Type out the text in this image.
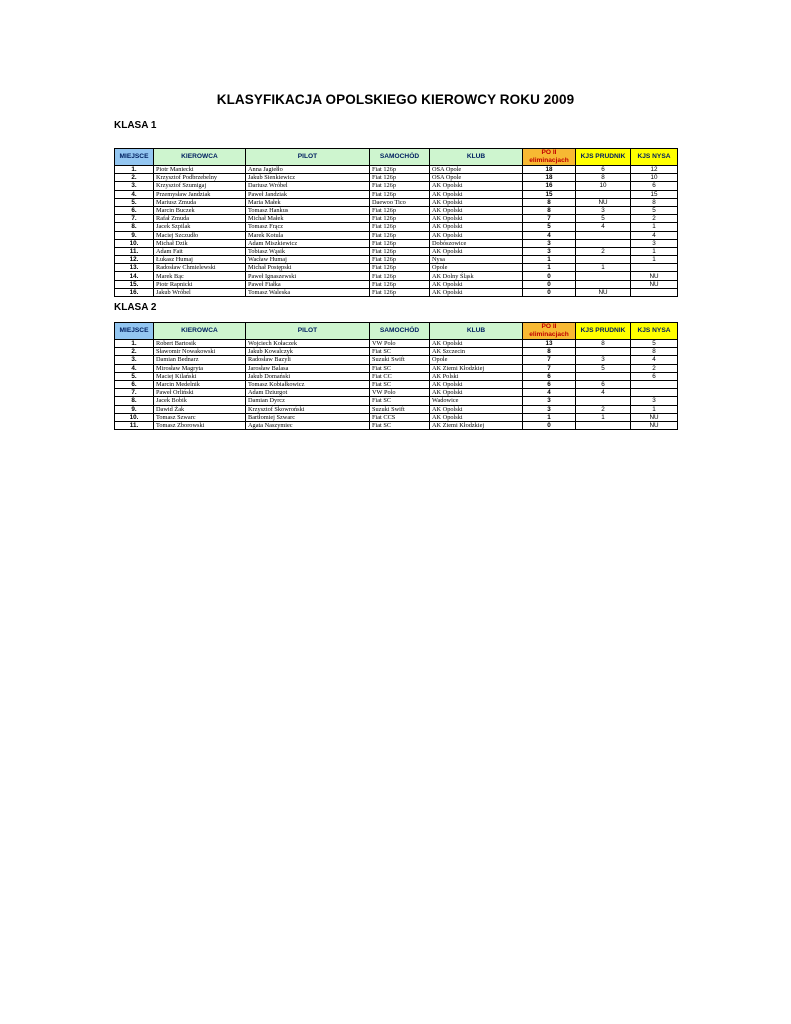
KLASYFIKACJA OPOLSKIEGO KIEROWCY ROKU 2009
KLASA 1
MIEJSCE	KIEROWCA	PILOT	SAMOCHÓD	KLUB	PO II
eliminacjach	KJS PRUDNIK	KJS NYSA
1.	Piotr Maniecki	Anna Jagiełło	Fiat 126p	OSA Opole	18	6	12
2.	Krzysztof Podbrzebelny	Jakub Sienkiewicz	Fiat 126p	OSA Opole	18	8	10
3.	Krzysztof Szumigaj	Dariusz Wróbel	Fiat 126p	AK Opolski	16	10	6
4.	Przemysław Jandziak	Paweł Jandziak	Fiat 126p	AK Opolski	15		15
5.	Mariusz Zmuda	Maria Małek	Daewoo Tico	AK Opolski	8	NU	8
6.	Marcin Buczek	Tomasz Hankus	Fiat 126p	AK Opolski	8	3	5
7.	Rafał Zmuda	Michał Małek	Fiat 126p	AK Opolski	7	5	2
8.	Jacek Szpilak	Tomasz Frącz	Fiat 126p	AK Opolski	5	4	1
9.	Maciej Szczudło	Marek Kotula	Fiat 126p	AK Opolski	4		4
10.	Michał Dzik	Adam Miszkiewicz	Fiat 126p	Dobószowice	3		3
11.	Adam Fait	Tobiasz Wąsik	Fiat 126p	AK Opolski	3	2	1
12.	Łukasz Humaj	Wacław Humaj	Fiat 126p	Nysa	1		1
13.	Radosław Chmielewski	Michał Postępski	Fiat 126p	Opole	1	1	
14.	Marek Bąc	Paweł Ignaszewski	Fiat 126p	AK Dolny Śląsk	0		NU
15.	Piotr Rapnicki	Paweł Fiałka	Fiat 126p	AK Opolski	0		NU
16.	Jakub Wróbel	Tomasz Waleska	Fiat 126p	AK Opolski	0	NU	
KLASA 2
MIEJSCE	KIEROWCA	PILOT	SAMOCHÓD	KLUB	PO II
eliminacjach	KJS PRUDNIK	KJS NYSA
1.	Robert Bartosik	Wojciech Kołaczek	VW Polo	AK Opolski	13	8	5
2.	Sławomir Nowakowski	Jakub Kowalczyk	Fiat SC	AK Szczecin	8		8
3.	Damian Bednarz	Radosław Bazyli	Suzuki Swift	Opole	7	3	4
4.	Mirosław Magryta	Jarosław Balasa	Fiat SC	AK Ziemi Kłodzkiej	7	5	2
5.	Maciej Kilański	Jakub Domański	Fiat CC	AK Polski	6		6
6.	Marcin Medelnik	Tomasz Kobiałkowicz	Fiat SC	AK Opolski	6	6	
7.	Paweł Orliński	Adam Dziurgot	VW Polo	AK Opolski	4	4	
8.	Jacek Bobik	Damian Dyrcz	Fiat SC	Wadowice	3		3
9.	Dawid Żak	Krzysztof Skowroński	Suzuki Swift	AK Opolski	3	2	1
10.	Tomasz Szwarc	Bartłomiej Szwarc	Fiat CCS	AK Opolski	1	1	NU
11.	Tomasz Zborowski	Agata Naszymiec	Fiat SC	AK Ziemi Kłodzkiej	0		NU
